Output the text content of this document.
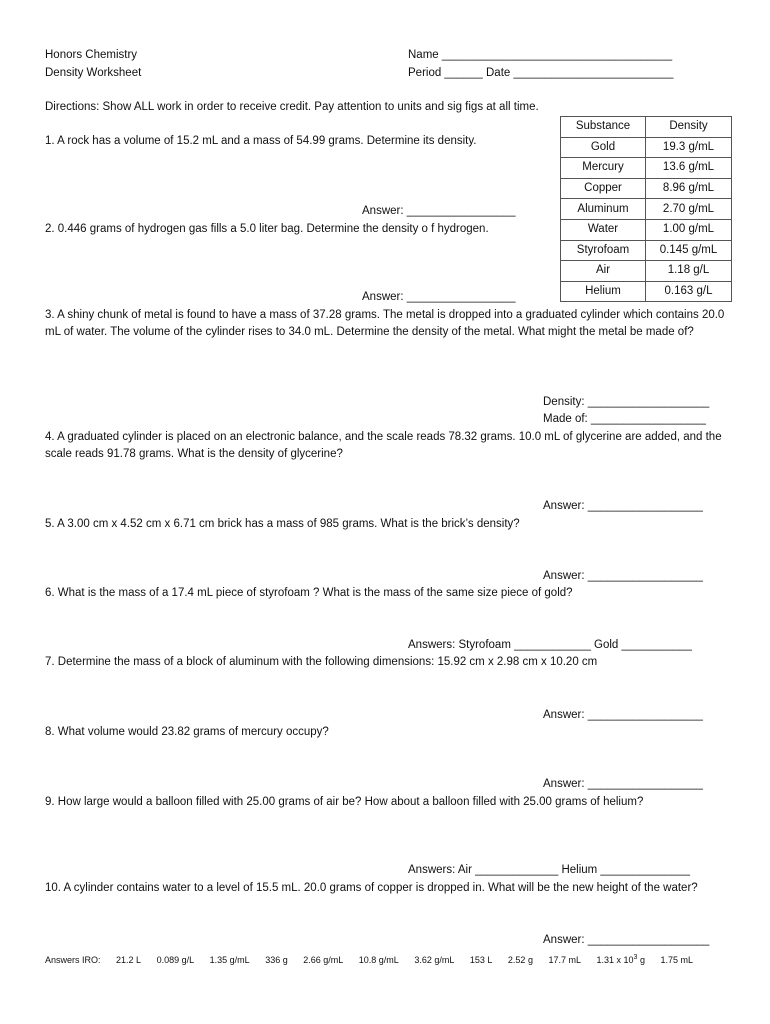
Honors Chemistry
Density Worksheet
Name ____________________________________
Period ______ Date _________________________
Directions: Show ALL work in order to receive credit. Pay attention to units and sig figs at all time.
Substance	Density
Gold	19.3 g/mL
Mercury	13.6 g/mL
Copper	8.96 g/mL
Aluminum	2.70 g/mL
Water	1.00 g/mL
Styrofoam	0.145 g/mL
Air	1.18 g/L
Helium	0.163 g/L
1. A rock has a volume of 15.2 mL and a mass of 54.99 grams. Determine its density.
Answer: _________________
2. 0.446 grams of hydrogen gas fills a 5.0 liter bag. Determine the density o f hydrogen.
Answer: _________________
3. A shiny chunk of metal is found to have a mass of 37.28 grams. The metal is dropped into a graduated cylinder which contains 20.0 mL of water. The volume of the cylinder rises to 34.0 mL. Determine the density of the metal. What might the metal be made of?
Density: ___________________
Made of: __________________
4. A graduated cylinder is placed on an electronic balance, and the scale reads 78.32 grams. 10.0 mL of glycerine are added, and the scale reads 91.78 grams. What is the density of glycerine?
Answer: __________________
5. A 3.00 cm x 4.52 cm x 6.71 cm brick has a mass of 985 grams. What is the brick’s density?
Answer: __________________
6. What is the mass of a 17.4 mL piece of styrofoam ? What is the mass of the same size piece of gold?
Answers: Styrofoam ____________ Gold ___________
7. Determine the mass of a block of aluminum with the following dimensions: 15.92 cm x 2.98 cm x 10.20 cm
Answer: __________________
8. What volume would 23.82 grams of mercury occupy?
Answer: __________________
9. How large would a balloon filled with 25.00 grams of air be? How about a balloon filled with 25.00 grams of helium?
Answers: Air _____________ Helium ______________
10. A cylinder contains water to a level of 15.5 mL. 20.0 grams of copper is dropped in. What will be the new height of the water?
Answer: ___________________
Answers IRO: 21.2 L 0.089 g/L 1.35 g/mL 336 g 2.66 g/mL 10.8 g/mL 3.62 g/mL 153 L 2.52 g 17.7 mL 1.31 x $10^3$ g 1.75 mL
